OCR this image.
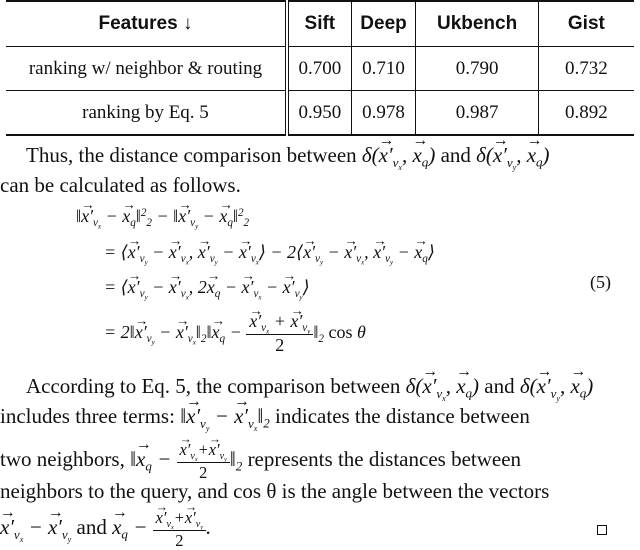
Features ↓	Sift	Deep	Ukbench	Gist
ranking w/ neighbor & routing	0.700	0.710	0.790	0.732
ranking by Eq. 5	0.950	0.978	0.987	0.892
Thus, the distance comparison between $\delta(\to x'_{v_x}$, → $x_q$) and $\delta(\to x'_{v_y}$, → $x_q$)
can be calculated as follows.
‖→ $x'_{v_x}$ − → $x_q‖^2_2$ − ‖→ $x'_{v_y}$ − → $x_q‖^2_2$
= ⟨→ $x'_{v_y}$ − → $x'_{v_x}$, → $x'_{v_y}$ − → $x'_{v_x}⟩$ − 2⟨→ $x'_{v_y}$ − → $x'_{v_x}$, → $x'_{v_y}$ − → $x_q⟩$
= ⟨→ $x'_{v_y}$ − → $x'_{v_x}$, $2\to x_q$ − → $x'_{v_x}$ − → $x'_{v_y}⟩$	(5)
= 2‖→ $x'_{v_y}$ − → $x'_{v_x}‖_2‖\to x_q$ − → $\frac{x'_{v_x} + \to x'_{v_y}}{2}$ $‖_2$ cos θ
According to Eq. 5, the comparison between $\delta(\to x'_{v_x}$, → $x_q$) and $\delta(\to x'_{v_y}$, → $x_q$)
includes three terms: ‖→ $x'_{v_y}$ − → $x'_{v_x}‖_2$ indicates the distance between
two neighbors, ‖→ $x_q$ − → $\frac{x'_{v_x}+\to x'_{v_y}}{2}$ $‖_2$ represents the distances between
neighbors to the query, and cos θ is the angle between the vectors
→ $x'_{v_x}$ − → $x'_{v_y}$ and → $x_q$ − → $\frac{x'_{v_x}+\to x'_{v_y}}{2}$ .
